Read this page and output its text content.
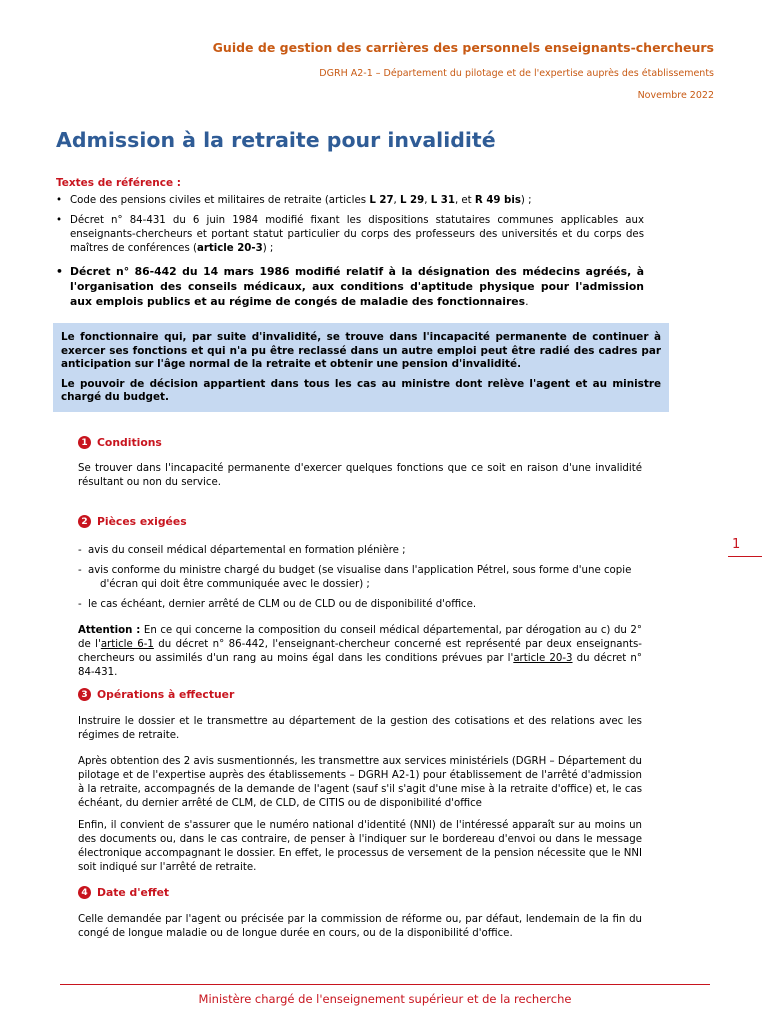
Guide de gestion des carrières des personnels enseignants-chercheurs
DGRH A2-1 – Département du pilotage et de l'expertise auprès des établissements
Novembre 2022
Admission à la retraite pour invalidité
Textes de référence :
• Code des pensions civiles et militaires de retraite (articles L 27, L 29, L 31, et R 49 bis) ;
• Décret n° 84-431 du 6 juin 1984 modifié fixant les dispositions statutaires communes applicables aux enseignants-chercheurs et portant statut particulier du corps des professeurs des universités et du corps des maîtres de conférences (article 20-3) ;
• Décret n° 86-442 du 14 mars 1986 modifié relatif à la désignation des médecins agréés, à l'organisation des conseils médicaux, aux conditions d'aptitude physique pour l'admission aux emplois publics et au régime de congés de maladie des fonctionnaires.

Le fonctionnaire qui, par suite d'invalidité, se trouve dans l'incapacité permanente de continuer à exercer ses fonctions et qui n'a pu être reclassé dans un autre emploi peut être radié des cadres par anticipation sur l'âge normal de la retraite et obtenir une pension d'invalidité.

Le pouvoir de décision appartient dans tous les cas au ministre dont relève l'agent et au ministre chargé du budget.

1 Conditions

Se trouver dans l'incapacité permanente d'exercer quelques fonctions que ce soit en raison d'une invalidité résultant ou non du service.

2 Pièces exigées
- avis du conseil médical départemental en formation plénière ;
- avis conforme du ministre chargé du budget (se visualise dans l'application Pétrel, sous forme d'une copie
d'écran qui doit être communiquée avec le dossier) ;
- le cas échéant, dernier arrêté de CLM ou de CLD ou de disponibilité d'office.

Attention : En ce qui concerne la composition du conseil médical départemental, par dérogation au c) du 2° de l'article 6-1 du décret n° 86-442, l'enseignant-chercheur concerné est représenté par deux enseignants-chercheurs ou assimilés d'un rang au moins égal dans les conditions prévues par l'article 20-3 du décret n° 84-431.

3 Opérations à effectuer

Instruire le dossier et le transmettre au département de la gestion des cotisations et des relations avec les régimes de retraite.

Après obtention des 2 avis susmentionnés, les transmettre aux services ministériels (DGRH – Département du pilotage et de l'expertise auprès des établissements – DGRH A2-1) pour établissement de l'arrêté d'admission à la retraite, accompagnés de la demande de l'agent (sauf s'il s'agit d'une mise à la retraite d'office) et, le cas échéant, du dernier arrêté de CLM, de CLD, de CITIS ou de disponibilité d'office

Enfin, il convient de s'assurer que le numéro national d'identité (NNI) de l'intéressé apparaît sur au moins un des documents ou, dans le cas contraire, de penser à l'indiquer sur le bordereau d'envoi ou dans le message électronique accompagnant le dossier. En effet, le processus de versement de la pension nécessite que le NNI soit indiqué sur l'arrêté de retraite.

4 Date d'effet

Celle demandée par l'agent ou précisée par la commission de réforme ou, par défaut, lendemain de la fin du congé de longue maladie ou de longue durée en cours, ou de la disponibilité d'office.

1
Ministère chargé de l'enseignement supérieur et de la recherche
